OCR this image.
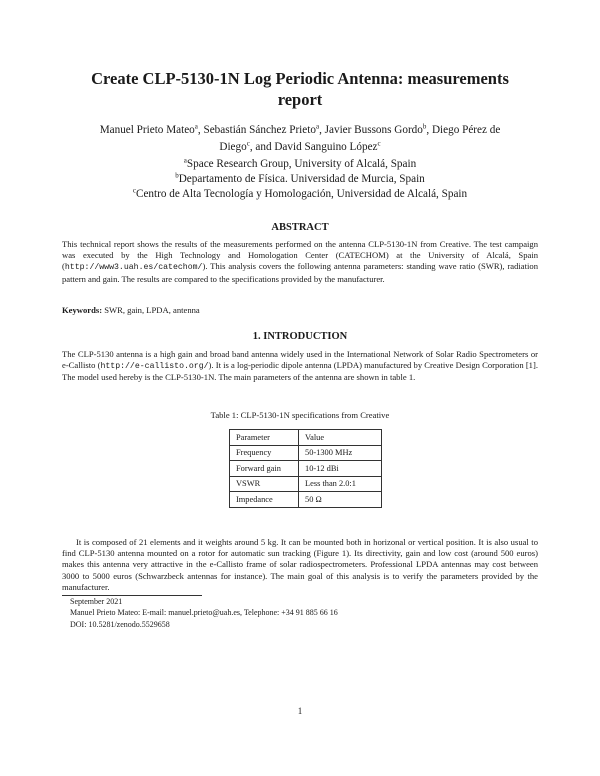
Create CLP-5130-1N Log Periodic Antenna: measurements
report
Manuel Prieto Mateo$^a$, Sebastián Sánchez Prieto$^a$, Javier Bussons Gordo$^b$, Diego Pérez de
Diego$^c$, and David Sanguino López$^c$
$^a$Space Research Group, University of Alcalá, Spain
$^b$Departamento de Física. Universidad de Murcia, Spain
$^c$Centro de Alta Tecnología y Homologación, Universidad de Alcalá, Spain
ABSTRACT
This technical report shows the results of the measurements performed on the antenna CLP-5130-1N from Creative. The test campaign was executed by the High Technology and Homologation Center (CATECHOM) at the University of Alcalá, Spain (http://www3.uah.es/catechom/). This analysis covers the following antenna parameters: standing wave ratio (SWR), radiation pattern and gain. The results are compared to the specifications provided by the manufacturer.
Keywords: SWR, gain, LPDA, antenna
1. INTRODUCTION
The CLP-5130 antenna is a high gain and broad band antenna widely used in the International Network of Solar Radio Spectrometers or e-Callisto (http://e-callisto.org/). It is a log-periodic dipole antenna (LPDA) manufactured by Creative Design Corporation [1]. The model used hereby is the CLP-5130-1N. The main parameters of the antenna are shown in table 1.
Table 1: CLP-5130-1N specifications from Creative
Parameter	Value
Frequency	50-1300 MHz
Forward gain	10-12 dBi
VSWR	Less than 2.0:1
Impedance	50 Ω
It is composed of 21 elements and it weights around 5 kg. It can be mounted both in horizonal or vertical position. It is also usual to find CLP-5130 antenna mounted on a rotor for automatic sun tracking (Figure 1). Its directivity, gain and low cost (around 500 euros) makes this antenna very attractive in the e-Callisto frame of solar radiospectrometers. Professional LPDA antennas may cost between 3000 to 5000 euros (Schwarzbeck antennas for instance). The main goal of this analysis is to verify the parameters provided by the manufacturer.
September 2021
Manuel Prieto Mateo: E-mail: manuel.prieto@uah.es, Telephone: +34 91 885 66 16
DOI: 10.5281/zenodo.5529658
1
